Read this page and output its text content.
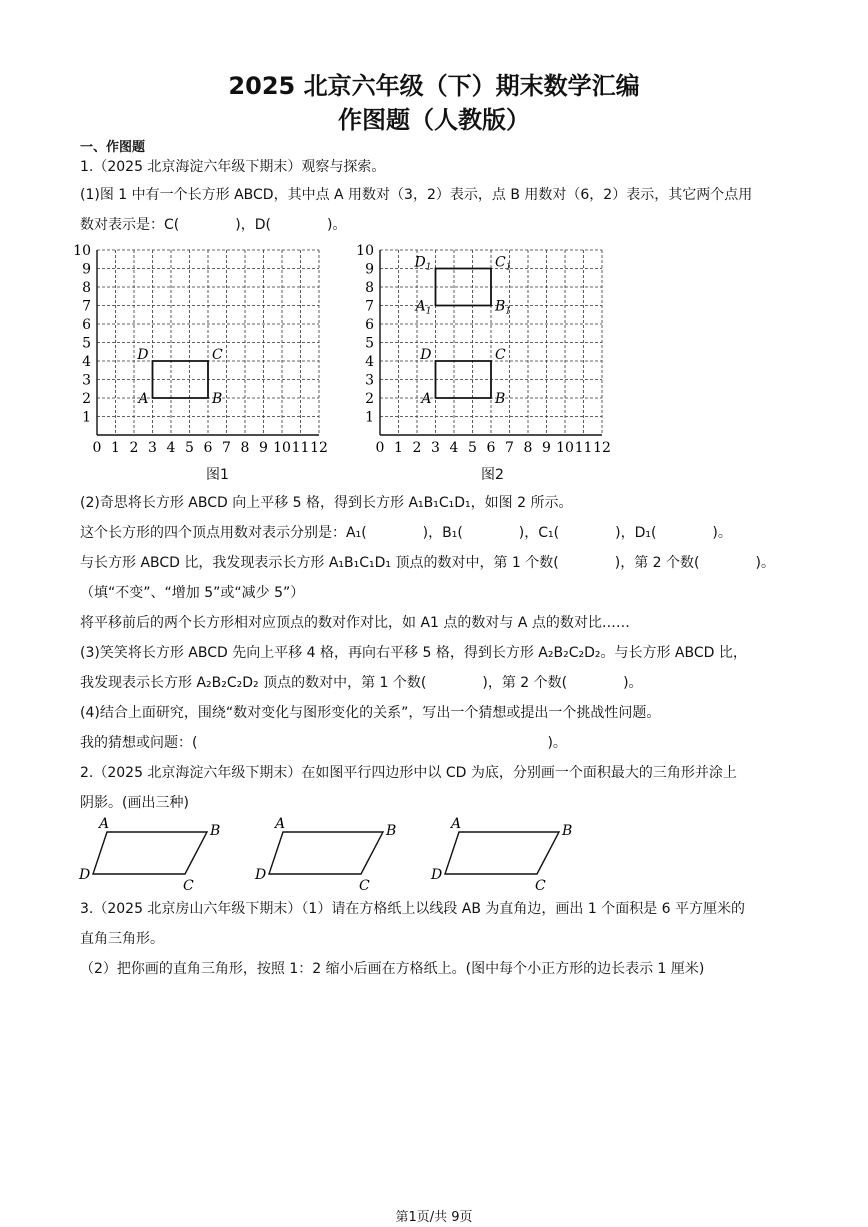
2025 北京六年级（下）期末数学汇编
作图题（人教版）
一、作图题
1.（2025 北京海淀六年级下期末）观察与探索。
(1)图 1 中有一个长方形 ABCD，其中点 A 用数对（3，2）表示，点 B 用数对（6，2）表示，其它两个点用
数对表示是：C(　　　　)，D(　　　　)。
0 1 2 3 4 5 6 7 8 9 10 11 12
1
2
3
4
5
6
7
8
9
10
A	B
C
D
0 1 2 3 4 5 6 7 8 9 10 11 12
1
2
3
4
5
6
7
8
9
10
A	B
C
D
$A_1$	$B_1$
$C_1$
$D_1$
图1	图2
(2)奇思将长方形 ABCD 向上平移 5 格，得到长方形 A₁B₁C₁D₁，如图 2 所示。
这个长方形的四个顶点用数对表示分别是：A₁(　　　　)，B₁(　　　　)，C₁(　　　　)，D₁(　　　　)。
与长方形 ABCD 比，我发现表示长方形 A₁B₁C₁D₁ 顶点的数对中，第 1 个数(　　　　)，第 2 个数(　　　　)。
（填“不变”、“增加 5”或“减少 5”）
将平移前后的两个长方形相对应顶点的数对作对比，如 A1 点的数对与 A 点的数对比……
(3)笑笑将长方形 ABCD 先向上平移 4 格，再向右平移 5 格，得到长方形 A₂B₂C₂D₂。与长方形 ABCD 比，
我发现表示长方形 A₂B₂C₂D₂ 顶点的数对中，第 1 个数(　　　　)，第 2 个数(　　　　)。
(4)结合上面研究，围绕“数对变化与图形变化的关系”，写出一个猜想或提出一个挑战性问题。
我的猜想或问题：(　　　　　　　　　　　　　　　　　　　　　　　　　)。
2.（2025 北京海淀六年级下期末）在如图平行四边形中以 CD 为底，分别画一个面积最大的三角形并涂上
阴影。(画出三种)
A	B
C
D
A	B
C
D
A	B
C
D
3.（2025 北京房山六年级下期末）（1）请在方格纸上以线段 AB 为直角边，画出 1 个面积是 6 平方厘米的
直角三角形。
（2）把你画的直角三角形，按照 1：2 缩小后画在方格纸上。(图中每个小正方形的边长表示 1 厘米)
第1页/共 9页
